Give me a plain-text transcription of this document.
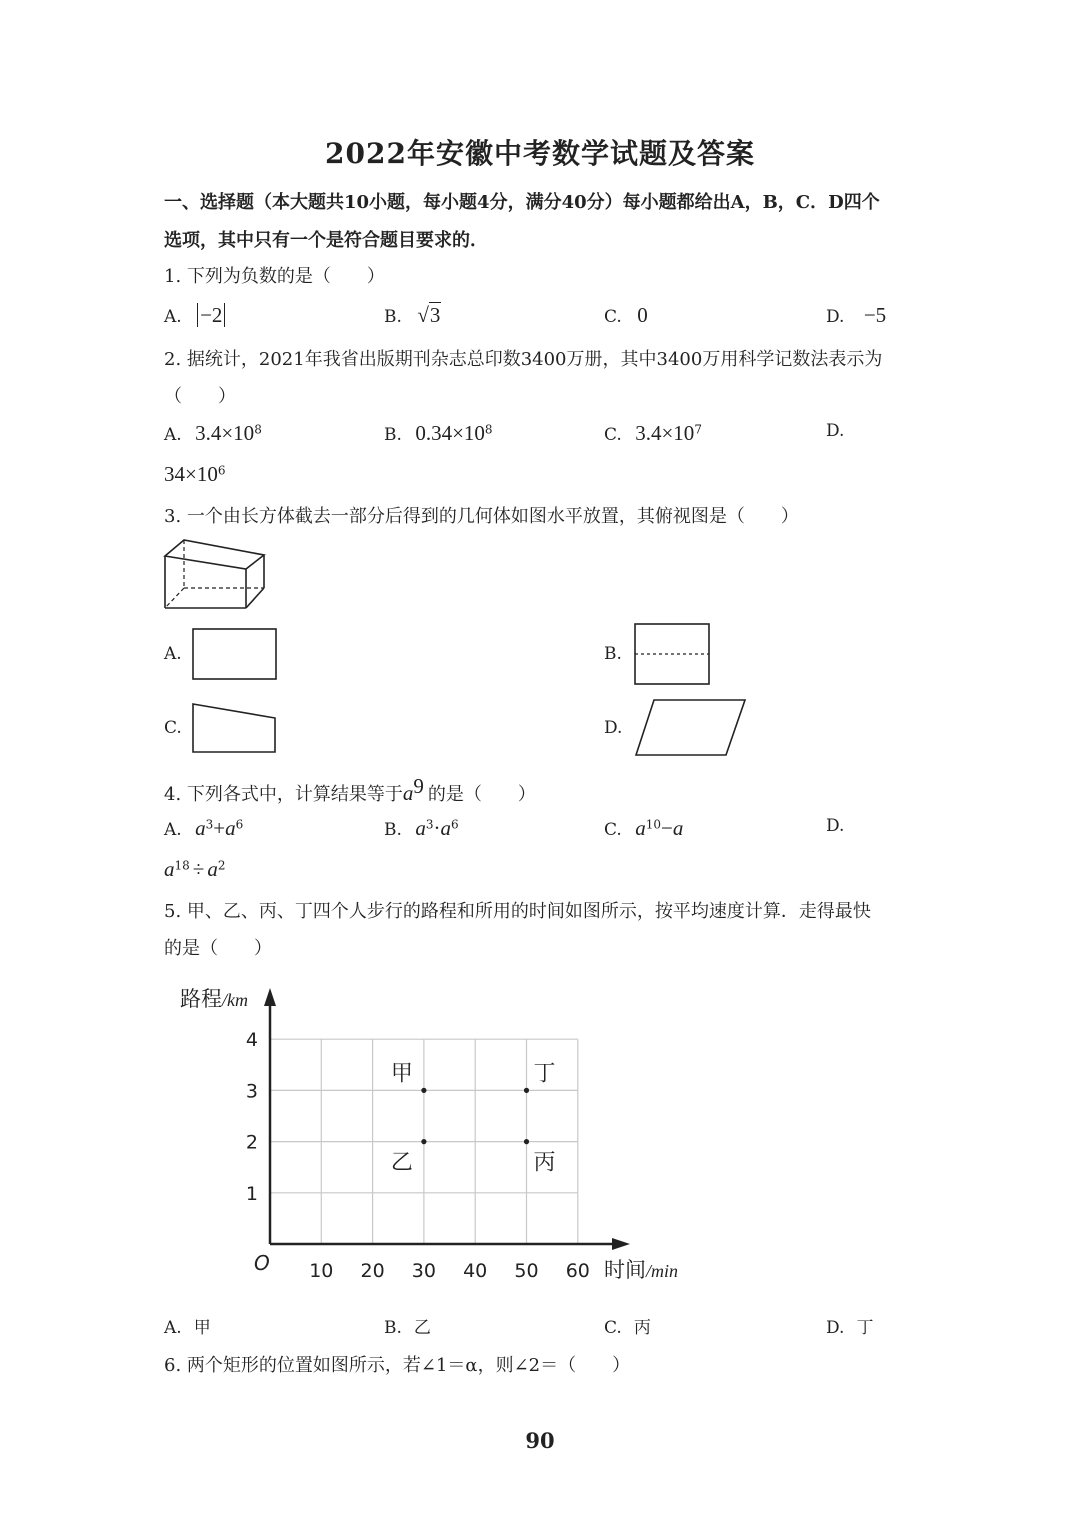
2022年安徽中考数学试题及答案
一、选择题（本大题共10小题，每小题4分，满分40分）每小题都给出A，B，C．D四个
选项，其中只有一个是符合题目要求的．
1. 下列为负数的是（　　）
A. −2	B. √3	C. 0	D. −5
2. 据统计，2021年我省出版期刊杂志总印数3400万册，其中3400万用科学记数法表示为
（　　）
A. $3.4\times 10^8$	B. $0.34\times 10^8$	C. $3.4\times 10^7$	D.
$34\times 10^6$
3. 一个由长方体截去一部分后得到的几何体如图水平放置，其俯视图是（　　）
A.	B.
C.	D.
4. 下列各式中，计算结果等于$a^9$ 的是（　　）
A. $a^3+a^6$	B. $a^3\cdot a^6$	C. $a^{10}-a$	D.
$a^{18} \div a^2$
5. 甲、乙、丙、丁四个人步行的路程和所用的时间如图所示，按平均速度计算．走得最快
的是（　　）
10 20 30 40 50 60
1
2
3
4
甲
乙	丙
丁
路程/km
时间/min
O
A. 甲	B. 乙	C. 丙	D. 丁
6. 两个矩形的位置如图所示，若∠1＝α，则∠2＝（　　）
90
